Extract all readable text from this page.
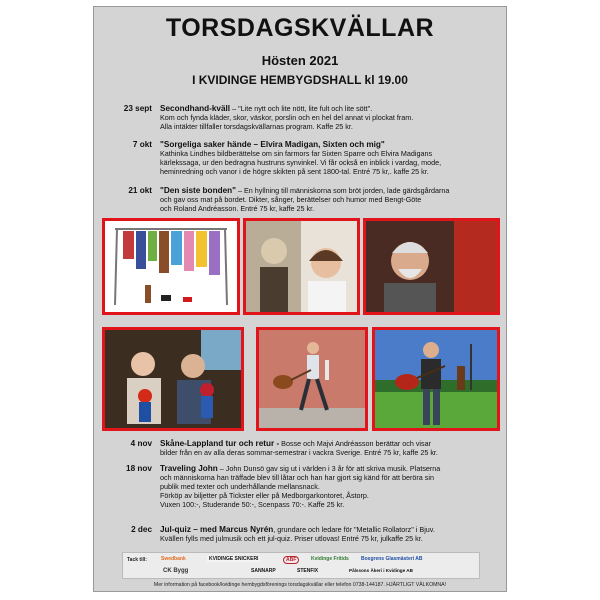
TORSDAGSKVÄLLAR
Hösten 2021
I KVIDINGE HEMBYGDSHALL kl 19.00
23 sept Secondhand-kväll – "Lite nytt och lite nött, lite fult och lite sött".
Kom och fynda kläder, skor, väskor, porslin och en hel del annat vi plockat fram.
Alla intäkter tillfaller torsdagskvällarnas program. Kaffe 25 kr.
7 okt "Sorgeliga saker hände – Elvira Madigan, Sixten och mig"
Kathinka Lindhes bildberättelse om sin farmors far Sixten Sparre och Elvira Madigans
kärlekssaga, ur den bedragna hustruns synvinkel. Vi får också en inblick i vardag, mode,
heminredning och vanor i de högre skikten på sent 1800-tal. Entré 75 kr,. kaffe 25 kr.
21 okt "Den siste bonden" – En hyllning till människorna som bröt jorden, lade gärdsgårdarna
och gav oss mat på bordet. Dikter, sånger, berättelser och humor med Bengt-Göte
och Roland Andréasson. Entré 75 kr, kaffe 25 kr.
4 nov Skåne-Lappland tur och retur - Bosse och Majvi Andréasson berättar och visar
bilder från en av alla deras sommar-semestrar i vackra Sverige. Entré 75 kr, kaffe 25 kr.
18 nov Traveling John – John Dunsö gav sig ut i världen i 3 år för att skriva musik. Platserna
och människorna han träffade blev till låtar och han har gjort sig känd för att beröra sin
publik med texter och underhållande mellansnack.
Förköp av biljetter på Tickster eller på Medborgarkontoret, Åstorp.
Vuxen 100:-, Studerande 50:-, Scenpass 70:-. Kaffe 25 kr.
2 dec Jul-quiz – med Marcus Nyrén, grundare och ledare för "Metallic Rollatorz" i Bjuv.
Kvällen fylls med julmusik och ett jul-quiz. Priser utlovas! Entré 75 kr, julkaffe 25 kr.
Tack till:	Swedbank	KVIDINGE SNICKERI	ABF	Kvidinge Fritids Bosgrens Glasmästeri AB
CK Bygg	SANNARP	STENFIX	Pålssons Åkeri i Kvidinge AB
Mer information på facebook/kvidinge hembygdsförenings torsdagskvällar eller telefon 0738-144187. HJÄRTLIGT VÄLKOMNA!
